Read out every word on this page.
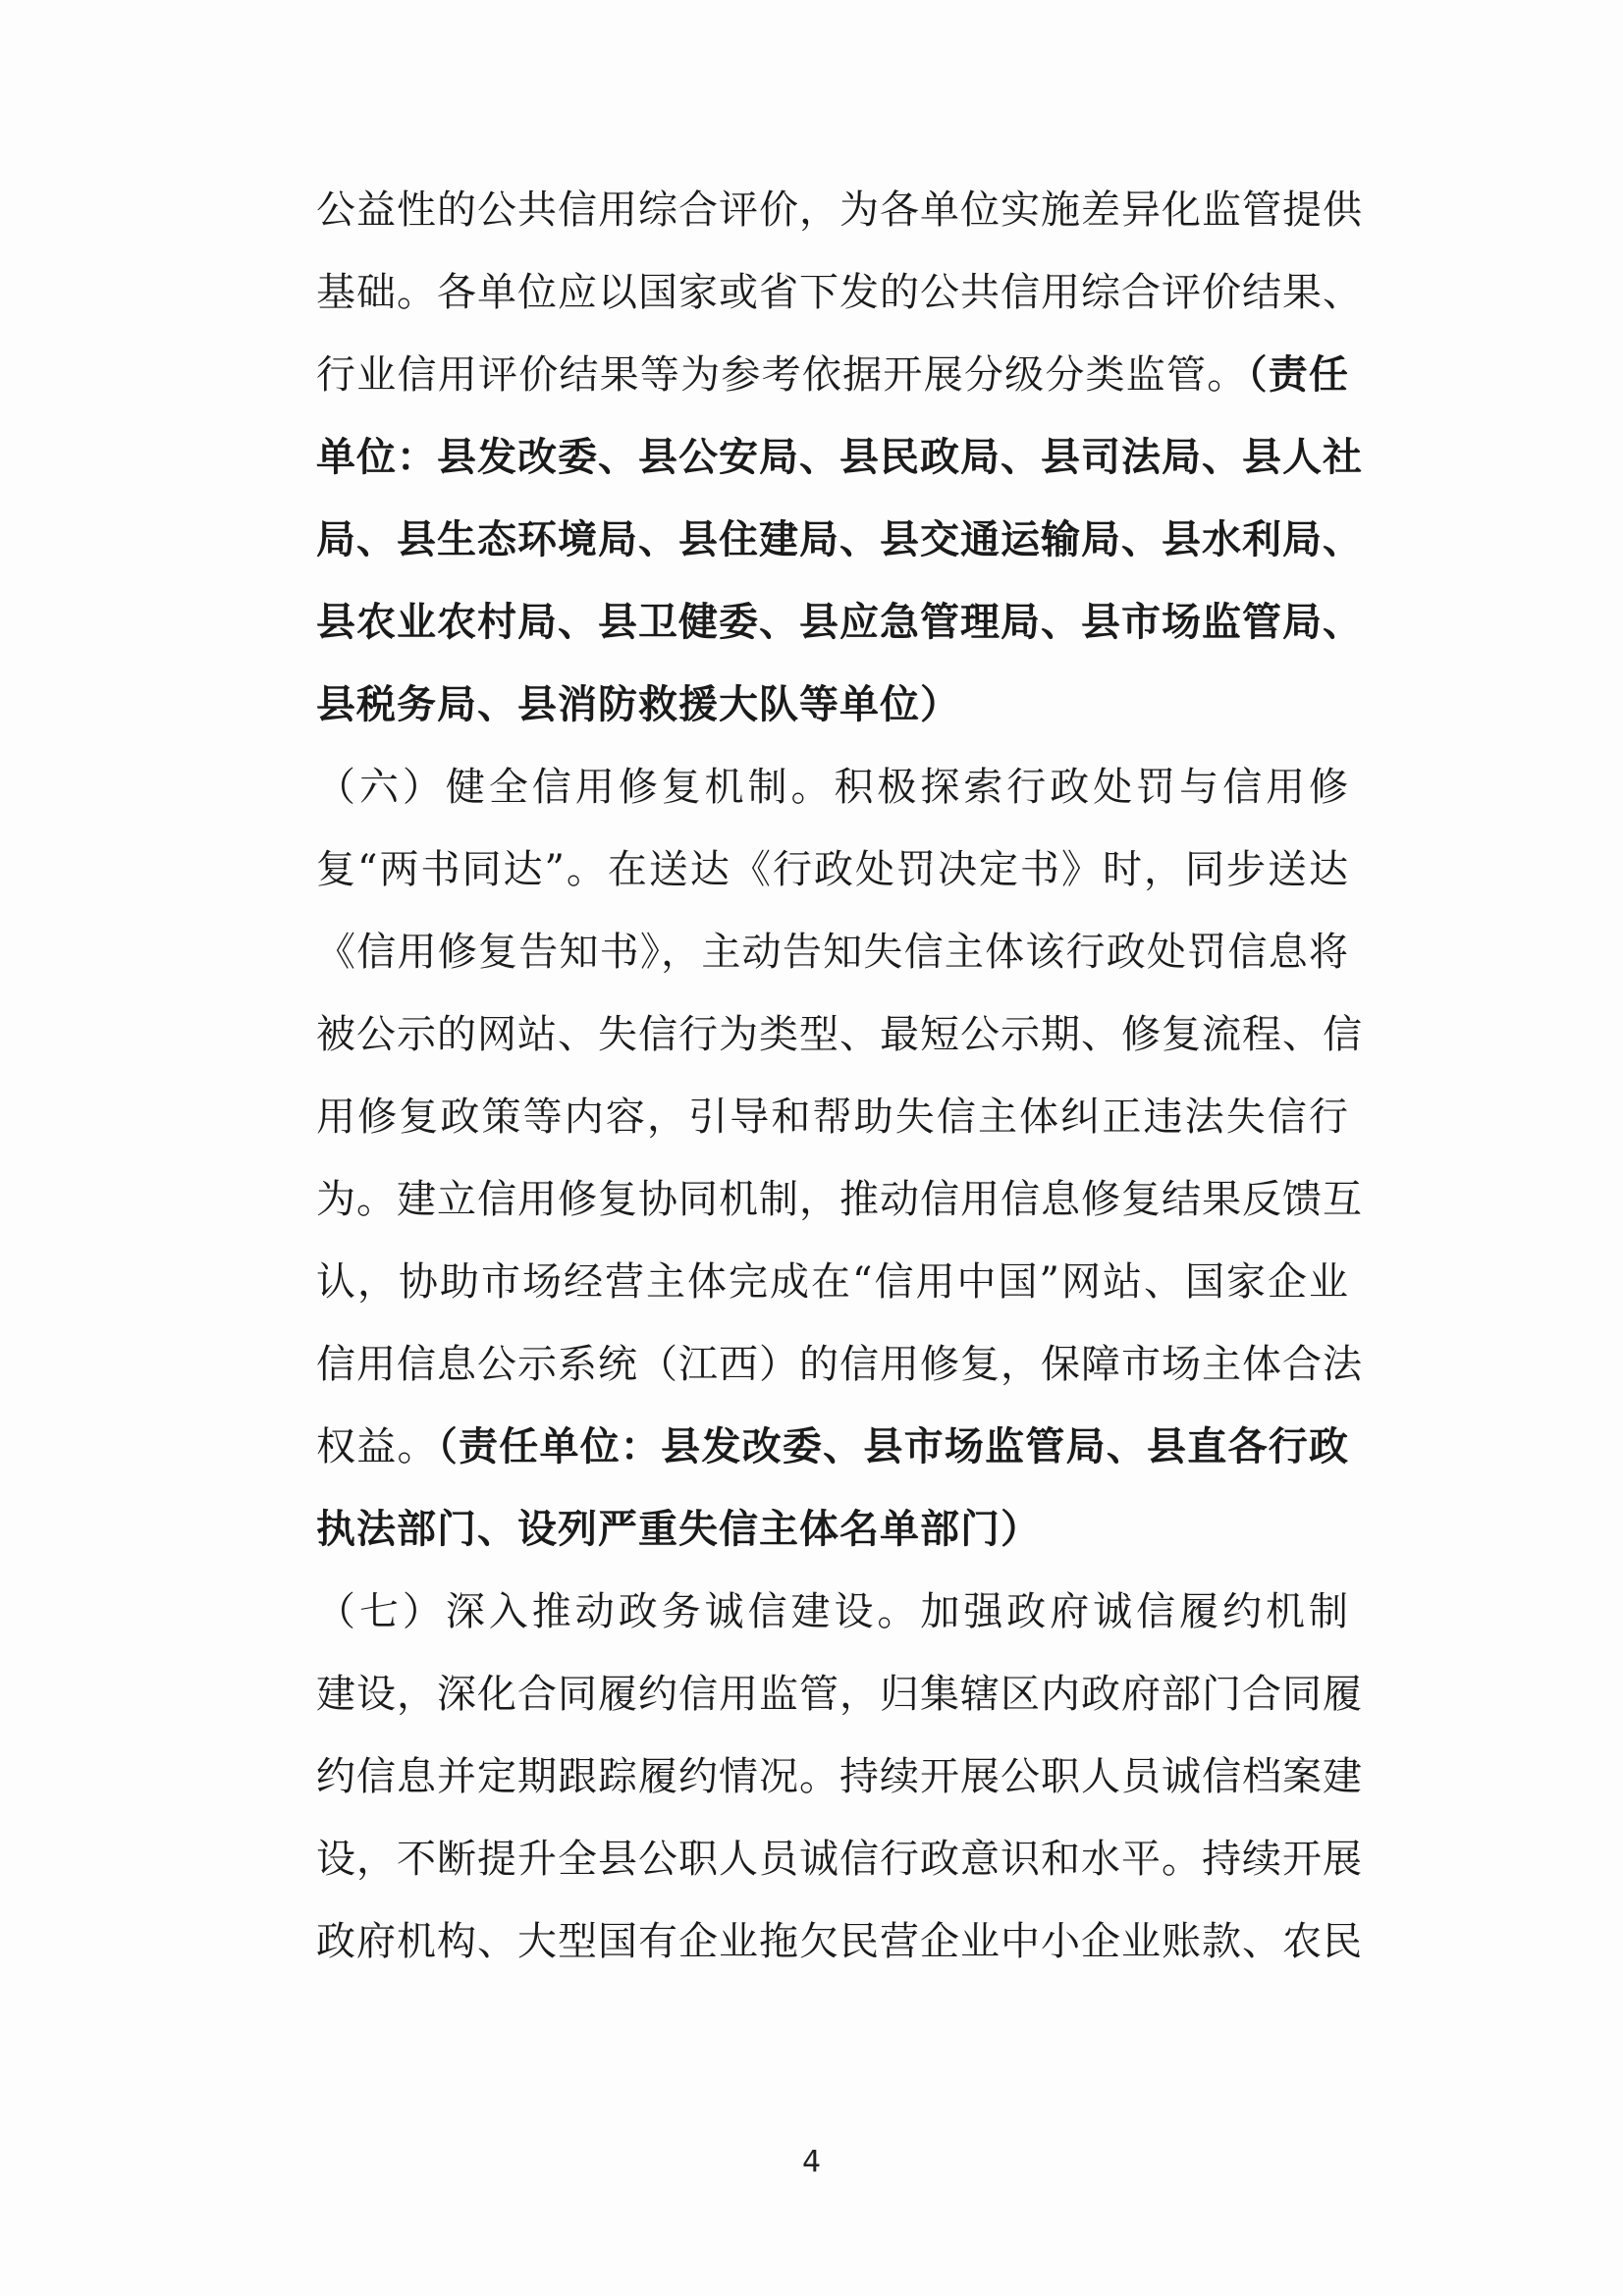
公益性的公共信用综合评价，为各单位实施差异化监管提供
基础。各单位应以国家或省下发的公共信用综合评价结果、
行业信用评价结果等为参考依据开展分级分类监管。（责任
单位：县发改委、县公安局、县民政局、县司法局、县人社
局、县生态环境局、县住建局、县交通运输局、县水利局、
县农业农村局、县卫健委、县应急管理局、县市场监管局、
县税务局、县消防救援大队等单位）
（六）健全信用修复机制。积极探索行政处罚与信用修
复“两书同达”。在送达《行政处罚决定书》时，同步送达
《信用修复告知书》，主动告知失信主体该行政处罚信息将
被公示的网站、失信行为类型、最短公示期、修复流程、信
用修复政策等内容，引导和帮助失信主体纠正违法失信行
为。建立信用修复协同机制，推动信用信息修复结果反馈互
认，协助市场经营主体完成在“信用中国”网站、国家企业
信用信息公示系统（江西）的信用修复，保障市场主体合法
权益。（责任单位：县发改委、县市场监管局、县直各行政
执法部门、设列严重失信主体名单部门）
（七）深入推动政务诚信建设。加强政府诚信履约机制
建设，深化合同履约信用监管，归集辖区内政府部门合同履
约信息并定期跟踪履约情况。持续开展公职人员诚信档案建
设，不断提升全县公职人员诚信行政意识和水平。持续开展
政府机构、大型国有企业拖欠民营企业中小企业账款、农民
4
